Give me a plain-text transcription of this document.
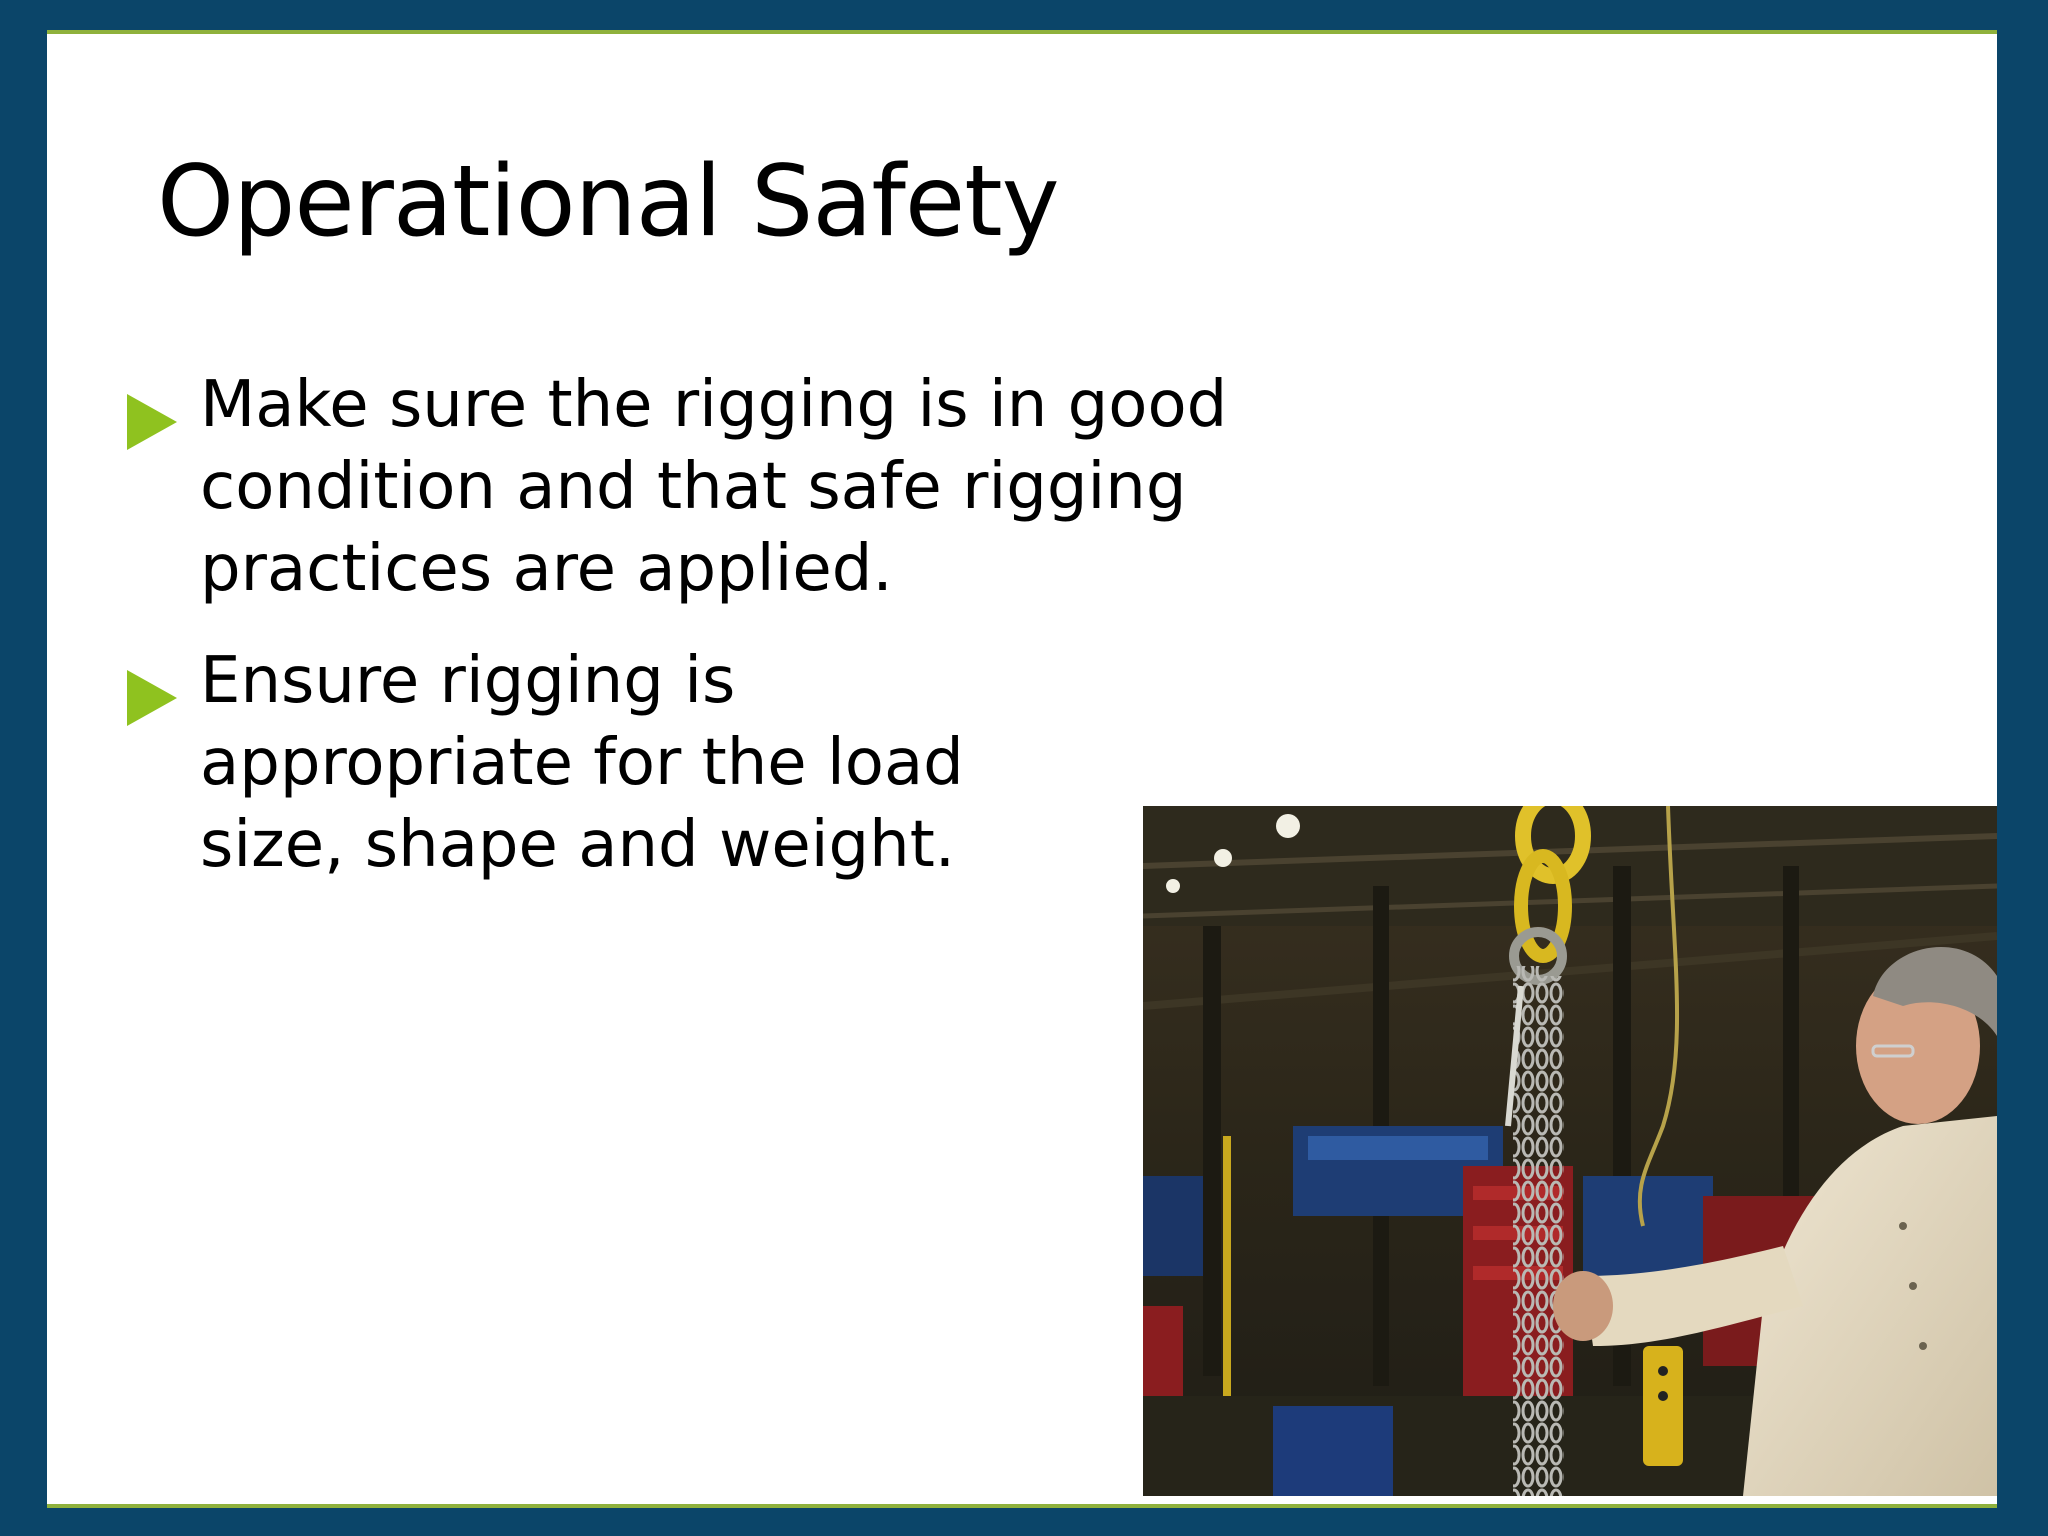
Operational Safety
Make sure the rigging is in good condition and that safe rigging practices are applied.
Ensure rigging is appropriate for the load size, shape and weight.
